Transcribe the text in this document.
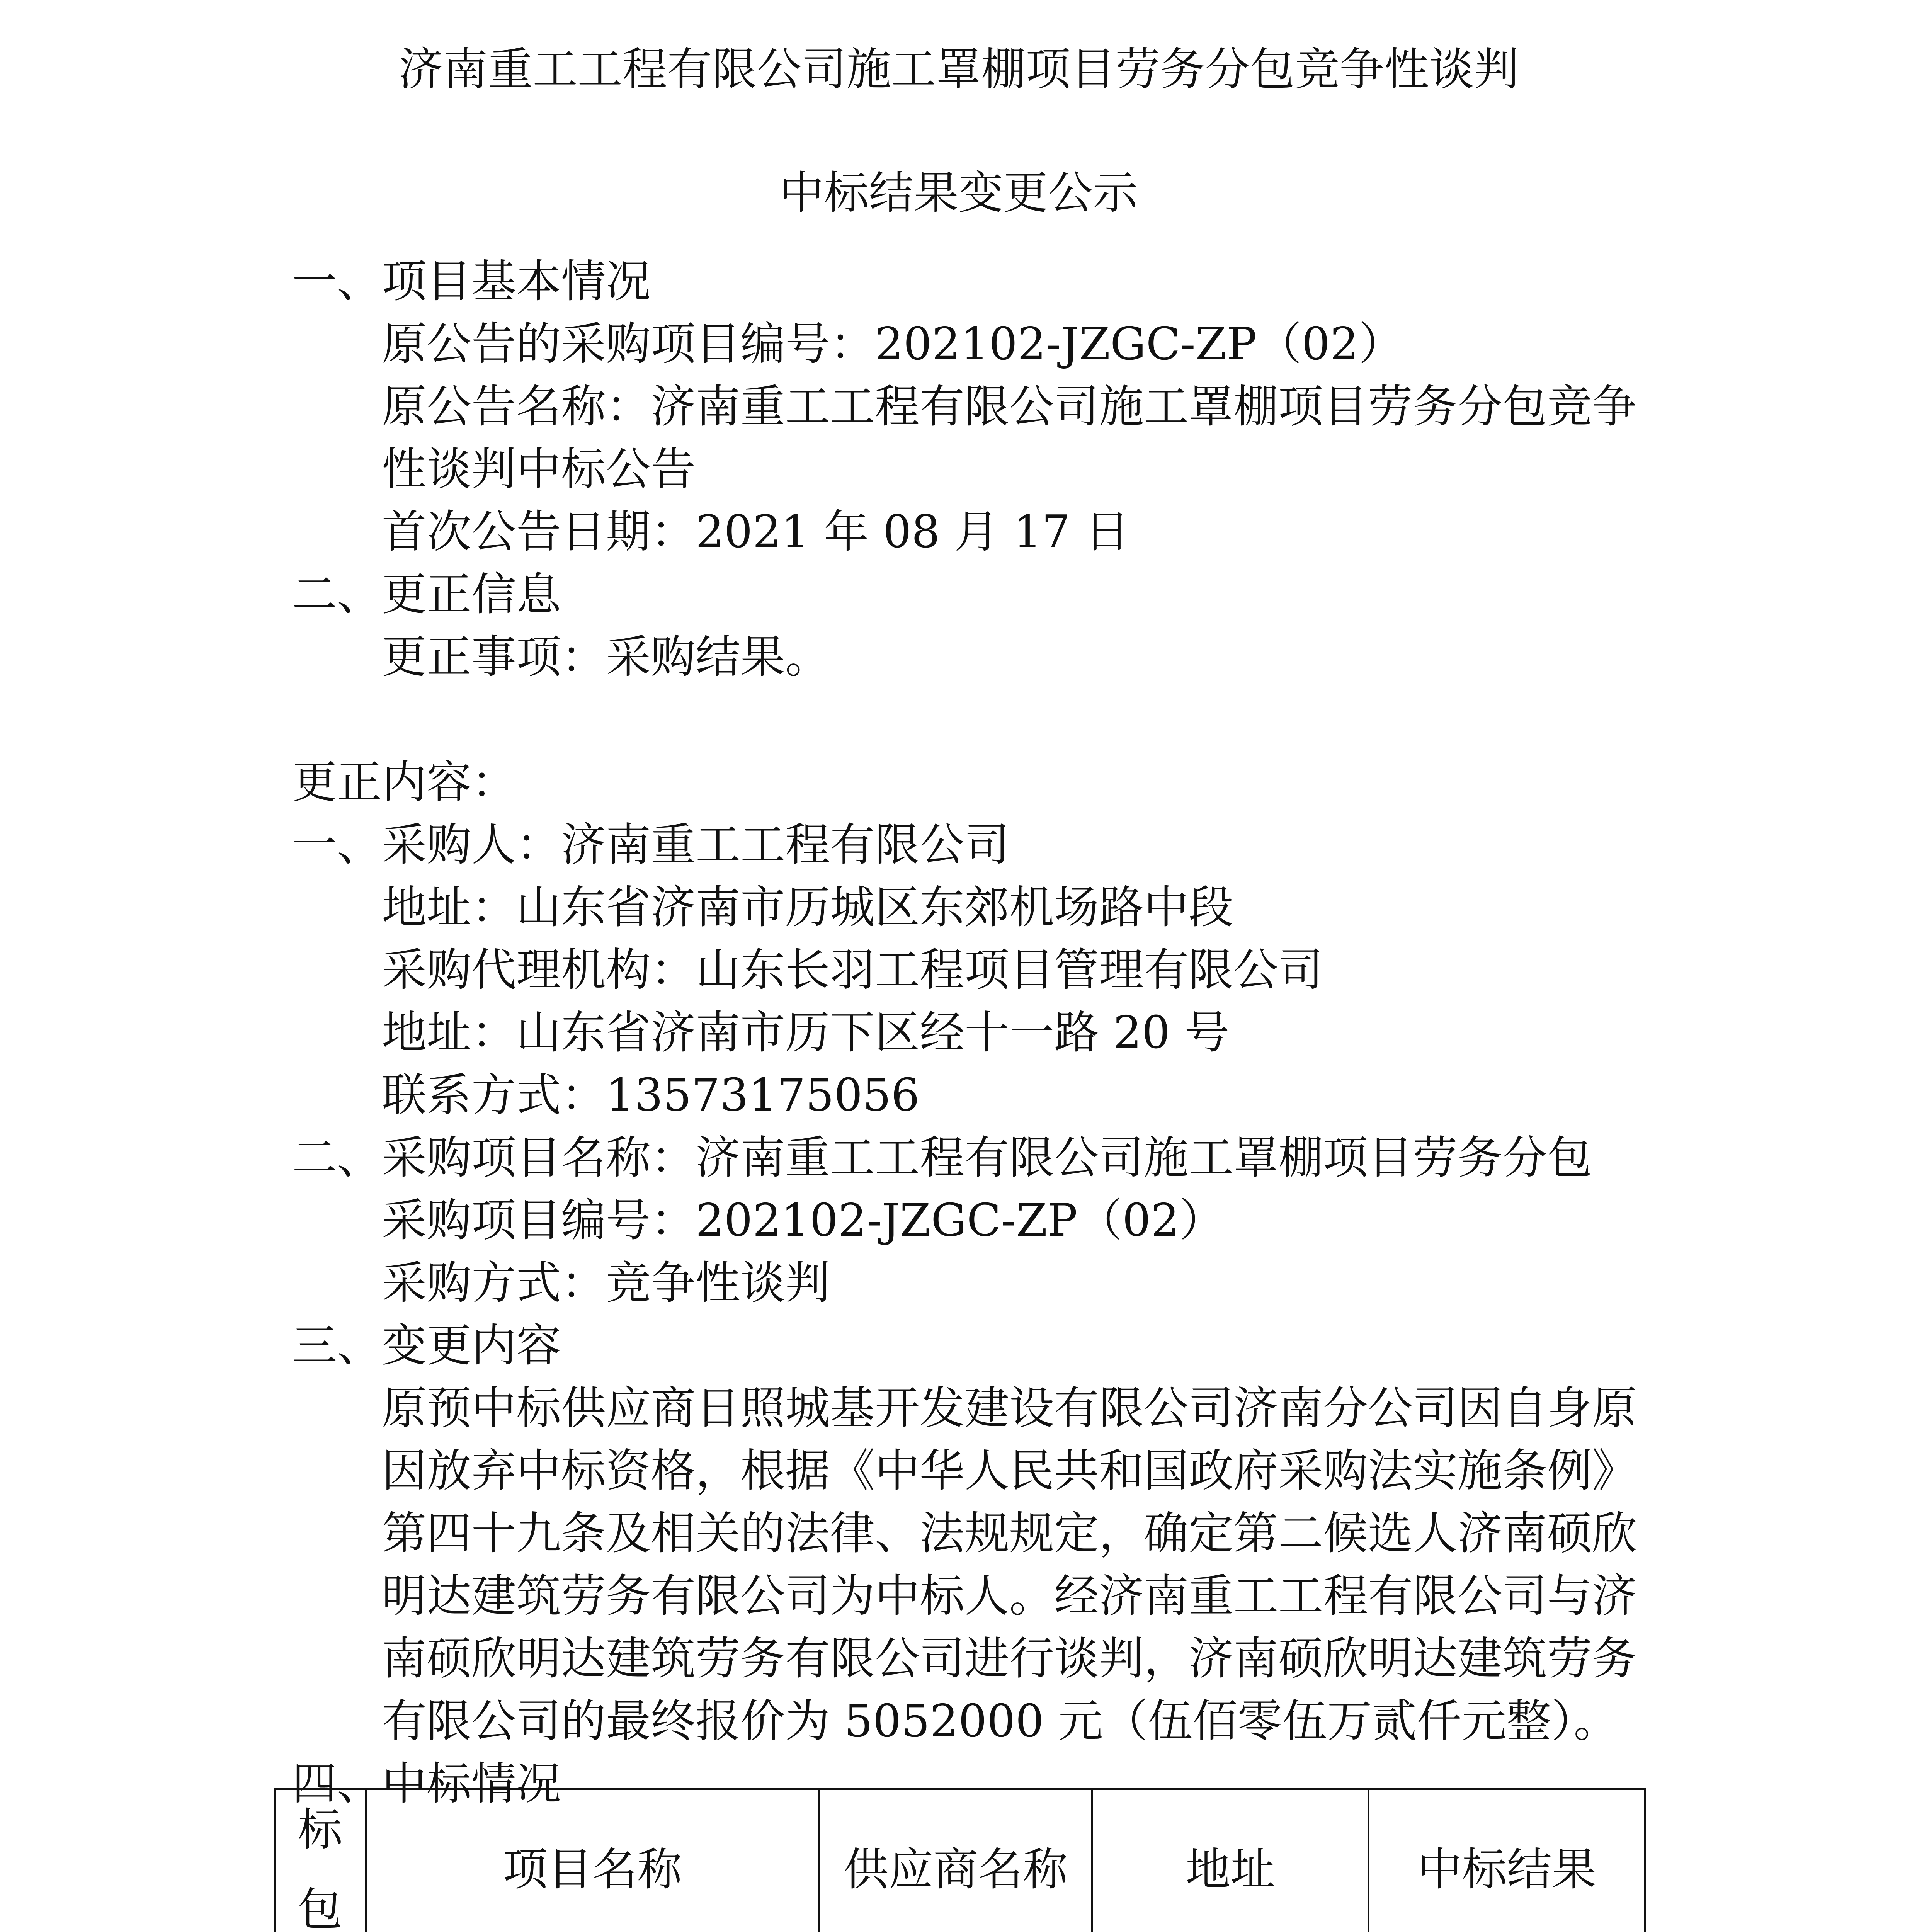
济南重工工程有限公司施工罩棚项目劳务分包竞争性谈判
中标结果变更公示

一、项目基本情况

原公告的采购项目编号：202102-JZGC-ZP（02）

原公告名称：济南重工工程有限公司施工罩棚项目劳务分包竞争性谈判中标公告

首次公告日期：2021 年 08 月 17 日

二、更正信息

更正事项：采购结果。

更正内容：

一、采购人：济南重工工程有限公司

地址：山东省济南市历城区东郊机场路中段

采购代理机构：山东长羽工程项目管理有限公司

地址：山东省济南市历下区经十一路 20 号

联系方式：13573175056

二、采购项目名称：济南重工工程有限公司施工罩棚项目劳务分包

采购项目编号：202102-JZGC-ZP（02）

采购方式：竞争性谈判

三、变更内容

原预中标供应商日照城基开发建设有限公司济南分公司因自身原因放弃中标资格，根据《中华人民共和国政府采购法实施条例》第四十九条及相关的法律、法规规定，确定第二候选人济南硕欣明达建筑劳务有限公司为中标人。经济南重工工程有限公司与济南硕欣明达建筑劳务有限公司进行谈判，济南硕欣明达建筑劳务有限公司的最终报价为 5052000 元（伍佰零伍万贰仟元整）。

四、中标情况

标包	项目名称	供应商名称	地址	中标结果
